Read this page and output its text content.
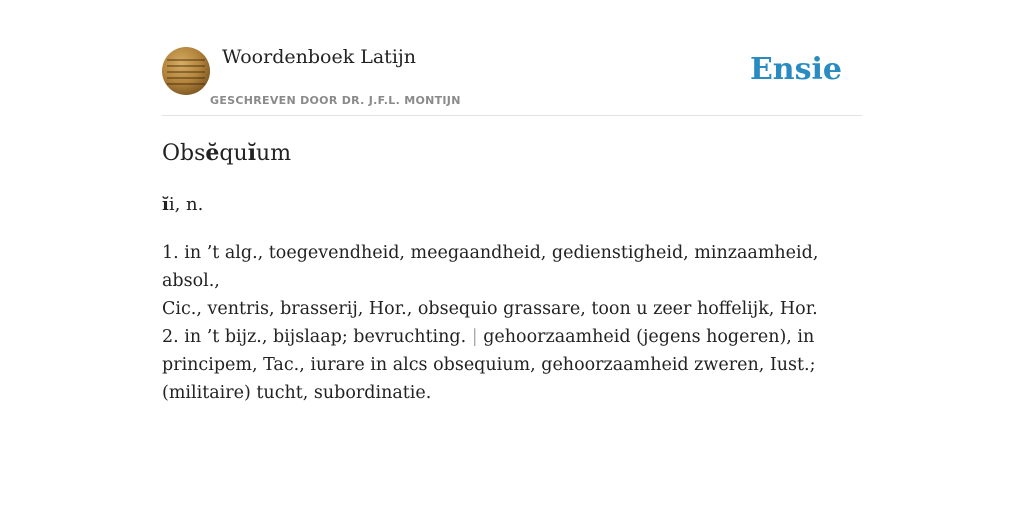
Woordenboek Latijn
GESCHREVEN DOOR DR. J.F.L. MONTIJN
Ensie
Obsĕquĭum
ĭi, n.
1. in ’t alg., toegevendheid, meegaandheid, gedienstigheid, minzaamheid, absol.,
Cic., ventris, brasserij, Hor., obsequio grassare, toon u zeer hoffelijk, Hor.
2. in ’t bijz., bijslaap; bevruchting. | gehoorzaamheid (jegens hogeren), in
principem, Tac., iurare in alcs obsequium, gehoorzaamheid zweren, Iust.;
(militaire) tucht, subordinatie.
